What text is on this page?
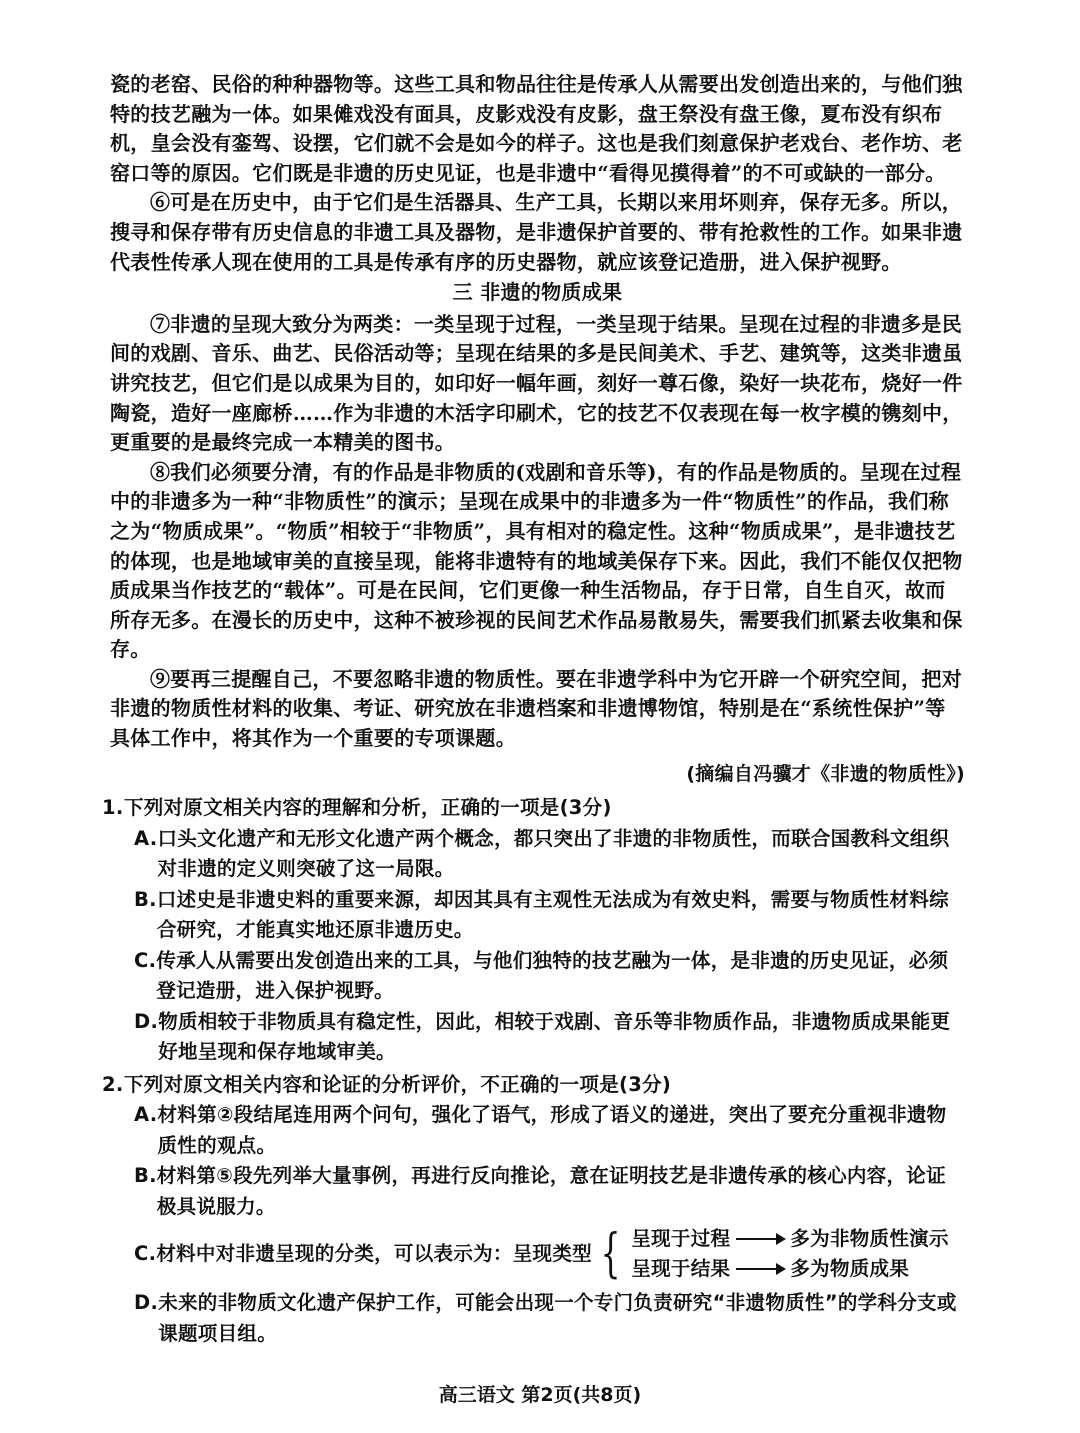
瓷的老窑、民俗的种种器物等。这些工具和物品往往是传承人从需要出发创造出来的，与他们独特的技艺融为一体。如果傩戏没有面具，皮影戏没有皮影，盘王祭没有盘王像，夏布没有织布机，皇会没有銮驾、设摆，它们就不会是如今的样子。这也是我们刻意保护老戏台、老作坊、老窑口等的原因。它们既是非遗的历史见证，也是非遗中“看得见摸得着”的不可或缺的一部分。

⑥可是在历史中，由于它们是生活器具、生产工具，长期以来用坏则弃，保存无多。所以，搜寻和保存带有历史信息的非遗工具及器物，是非遗保护首要的、带有抢救性的工作。如果非遗代表性传承人现在使用的工具是传承有序的历史器物，就应该登记造册，进入保护视野。

三 非遗的物质成果

⑦非遗的呈现大致分为两类：一类呈现于过程，一类呈现于结果。呈现在过程的非遗多是民间的戏剧、音乐、曲艺、民俗活动等；呈现在结果的多是民间美术、手艺、建筑等，这类非遗虽讲究技艺，但它们是以成果为目的，如印好一幅年画，刻好一尊石像，染好一块花布，烧好一件陶瓷，造好一座廊桥……作为非遗的木活字印刷术，它的技艺不仅表现在每一枚字模的镌刻中，更重要的是最终完成一本精美的图书。

⑧我们必须要分清，有的作品是非物质的(戏剧和音乐等)，有的作品是物质的。呈现在过程中的非遗多为一种“非物质性”的演示；呈现在成果中的非遗多为一件“物质性”的作品，我们称之为“物质成果”。“物质”相较于“非物质”，具有相对的稳定性。这种“物质成果”，是非遗技艺的体现，也是地域审美的直接呈现，能将非遗特有的地域美保存下来。因此，我们不能仅仅把物质成果当作技艺的“载体”。可是在民间，它们更像一种生活物品，存于日常，自生自灭，故而所存无多。在漫长的历史中，这种不被珍视的民间艺术作品易散易失，需要我们抓紧去收集和保存。

⑨要再三提醒自己，不要忽略非遗的物质性。要在非遗学科中为它开辟一个研究空间，把对非遗的物质性材料的收集、考证、研究放在非遗档案和非遗博物馆，特别是在“系统性保护”等具体工作中，将其作为一个重要的专项课题。

(摘编自冯骥才《非遗的物质性》)

1.下列对原文相关内容的理解和分析，正确的一项是(3分)
A. 口头文化遗产和无形文化遗产两个概念，都只突出了非遗的非物质性，而联合国教科文组织对非遗的定义则突破了这一局限。
B. 口述史是非遗史料的重要来源，却因其具有主观性无法成为有效史料，需要与物质性材料综合研究，才能真实地还原非遗历史。
C. 传承人从需要出发创造出来的工具，与他们独特的技艺融为一体，是非遗的历史见证，必须登记造册，进入保护视野。
D. 物质相较于非物质具有稳定性，因此，相较于戏剧、音乐等非物质作品，非遗物质成果能更好地呈现和保存地域审美。
2.下列对原文相关内容和论证的分析评价，不正确的一项是(3分)
A. 材料第②段结尾连用两个问句，强化了语气，形成了语义的递进，突出了要充分重视非遗物质性的观点。
B. 材料第⑤段先列举大量事例，再进行反向推论，意在证明技艺是非遗传承的核心内容，论证极具说服力。
C. 材料中对非遗呈现的分类，可以表示为： 呈现类型 { 呈现于过程	多为非物质性演示
呈现于结果	多为物质成果
D. 未来的非物质文化遗产保护工作，可能会出现一个专门负责研究“非遗物质性”的学科分支或课题项目组。
高三语文 第2页(共8页)
